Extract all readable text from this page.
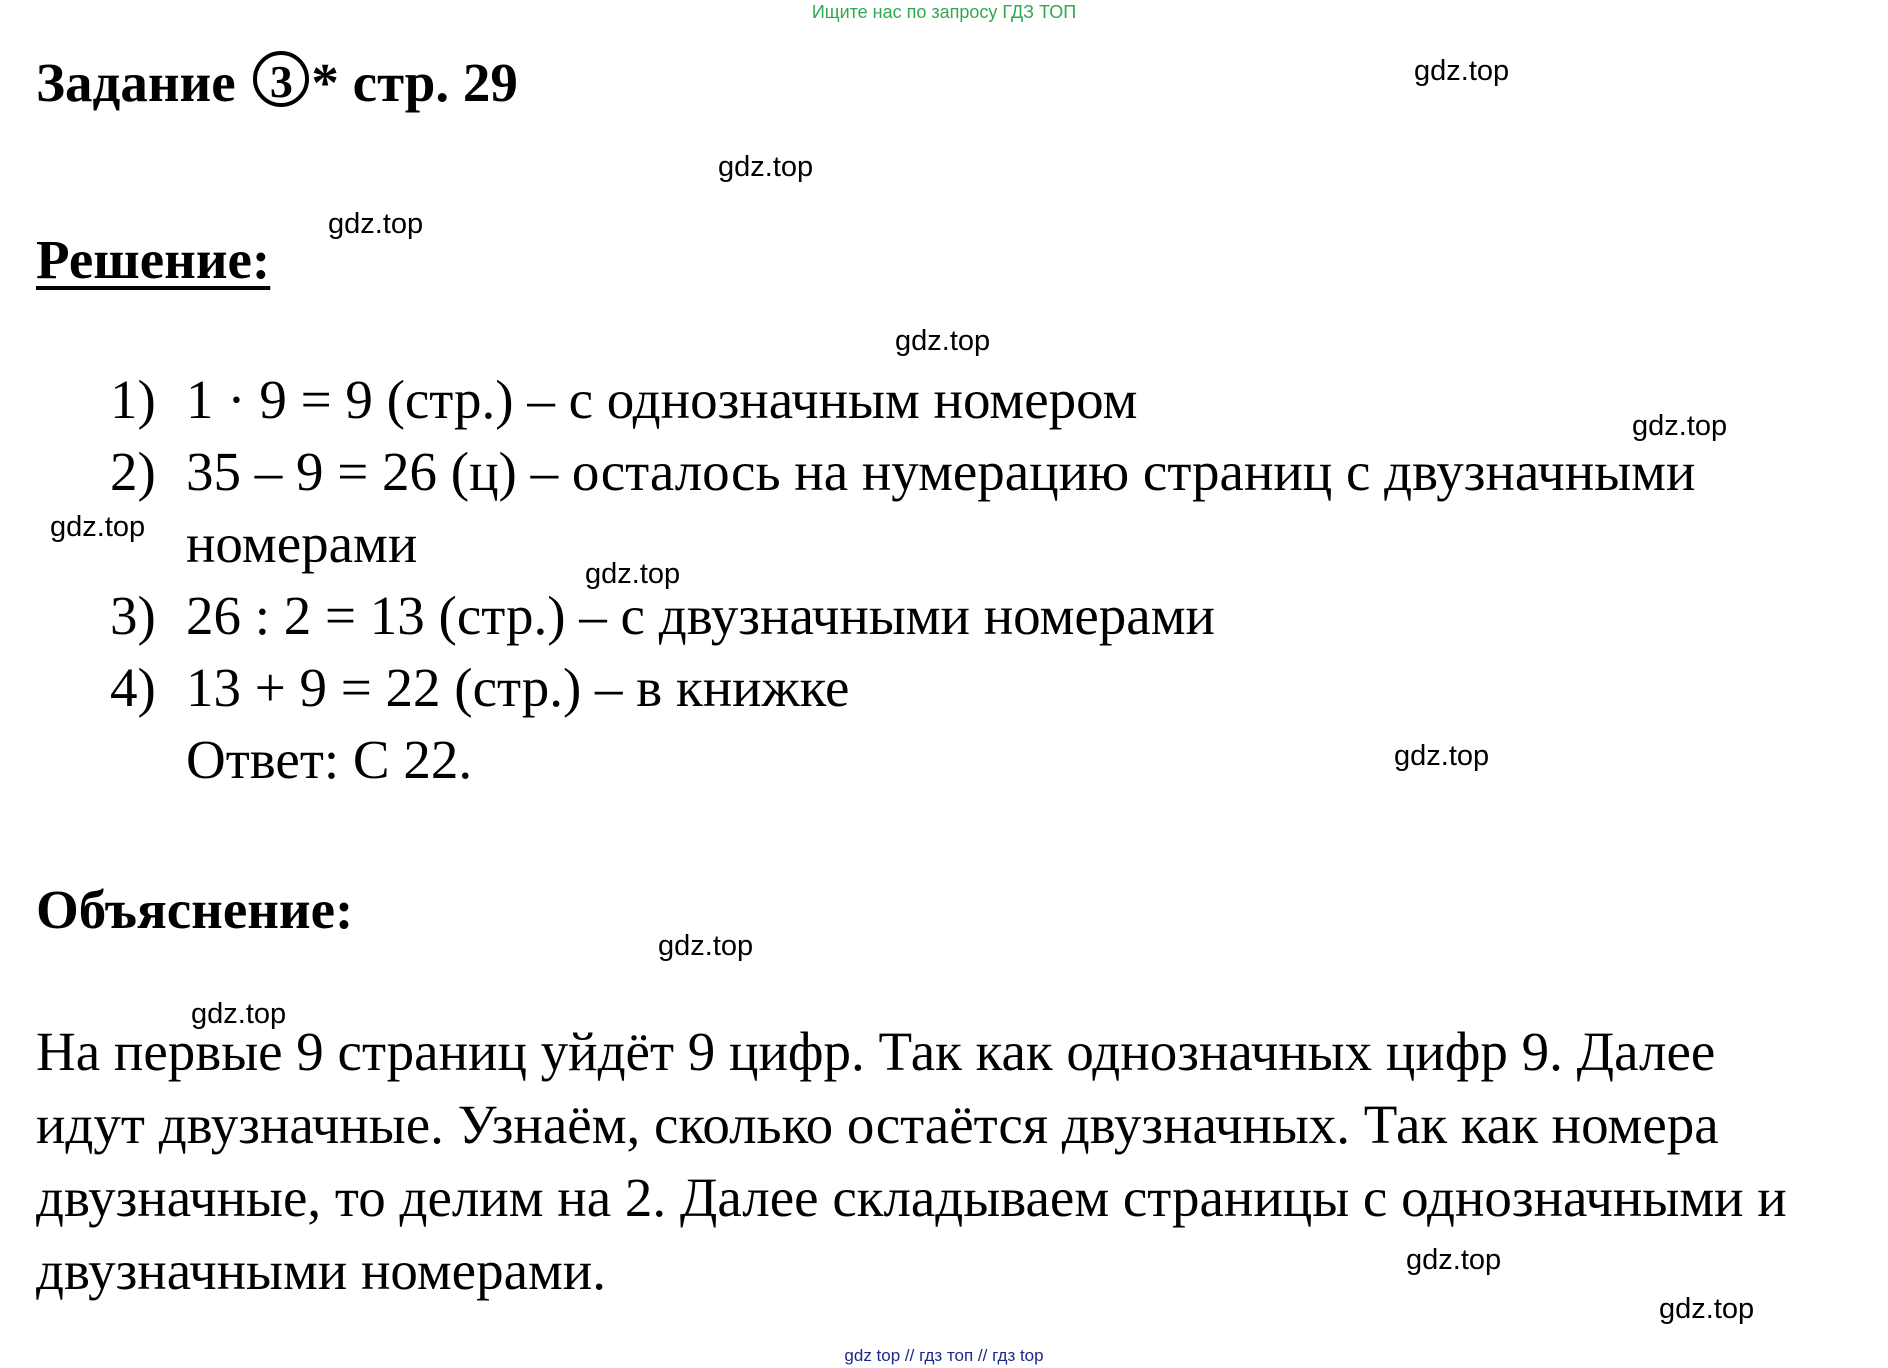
Ищите нас по запросу ГДЗ ТОП
Задание 3 * стр. 29
Решение:
1) 1 · 9 = 9 (стр.) – с однозначным номером
2) 35 – 9 = 26 (ц) – осталось на нумерацию страниц с двузначными номерами
3) 26 : 2 = 13 (стр.) – с двузначными номерами
4) 13 + 9 = 22 (стр.) – в книжке
Ответ: С 22.
Объяснение:
На первые 9 страниц уйдёт 9 цифр. Так как однозначных цифр 9. Далее идут двузначные. Узнаём, сколько остаётся двузначных. Так как номера двузначные, то делим на 2. Далее складываем страницы с однозначными и двузначными номерами.
gdz.top
gdz.top
gdz.top
gdz.top
gdz.top
gdz.top
gdz.top
gdz.top
gdz.top
gdz.top
gdz.top
gdz.top
gdz top // гдз топ // гдз top
